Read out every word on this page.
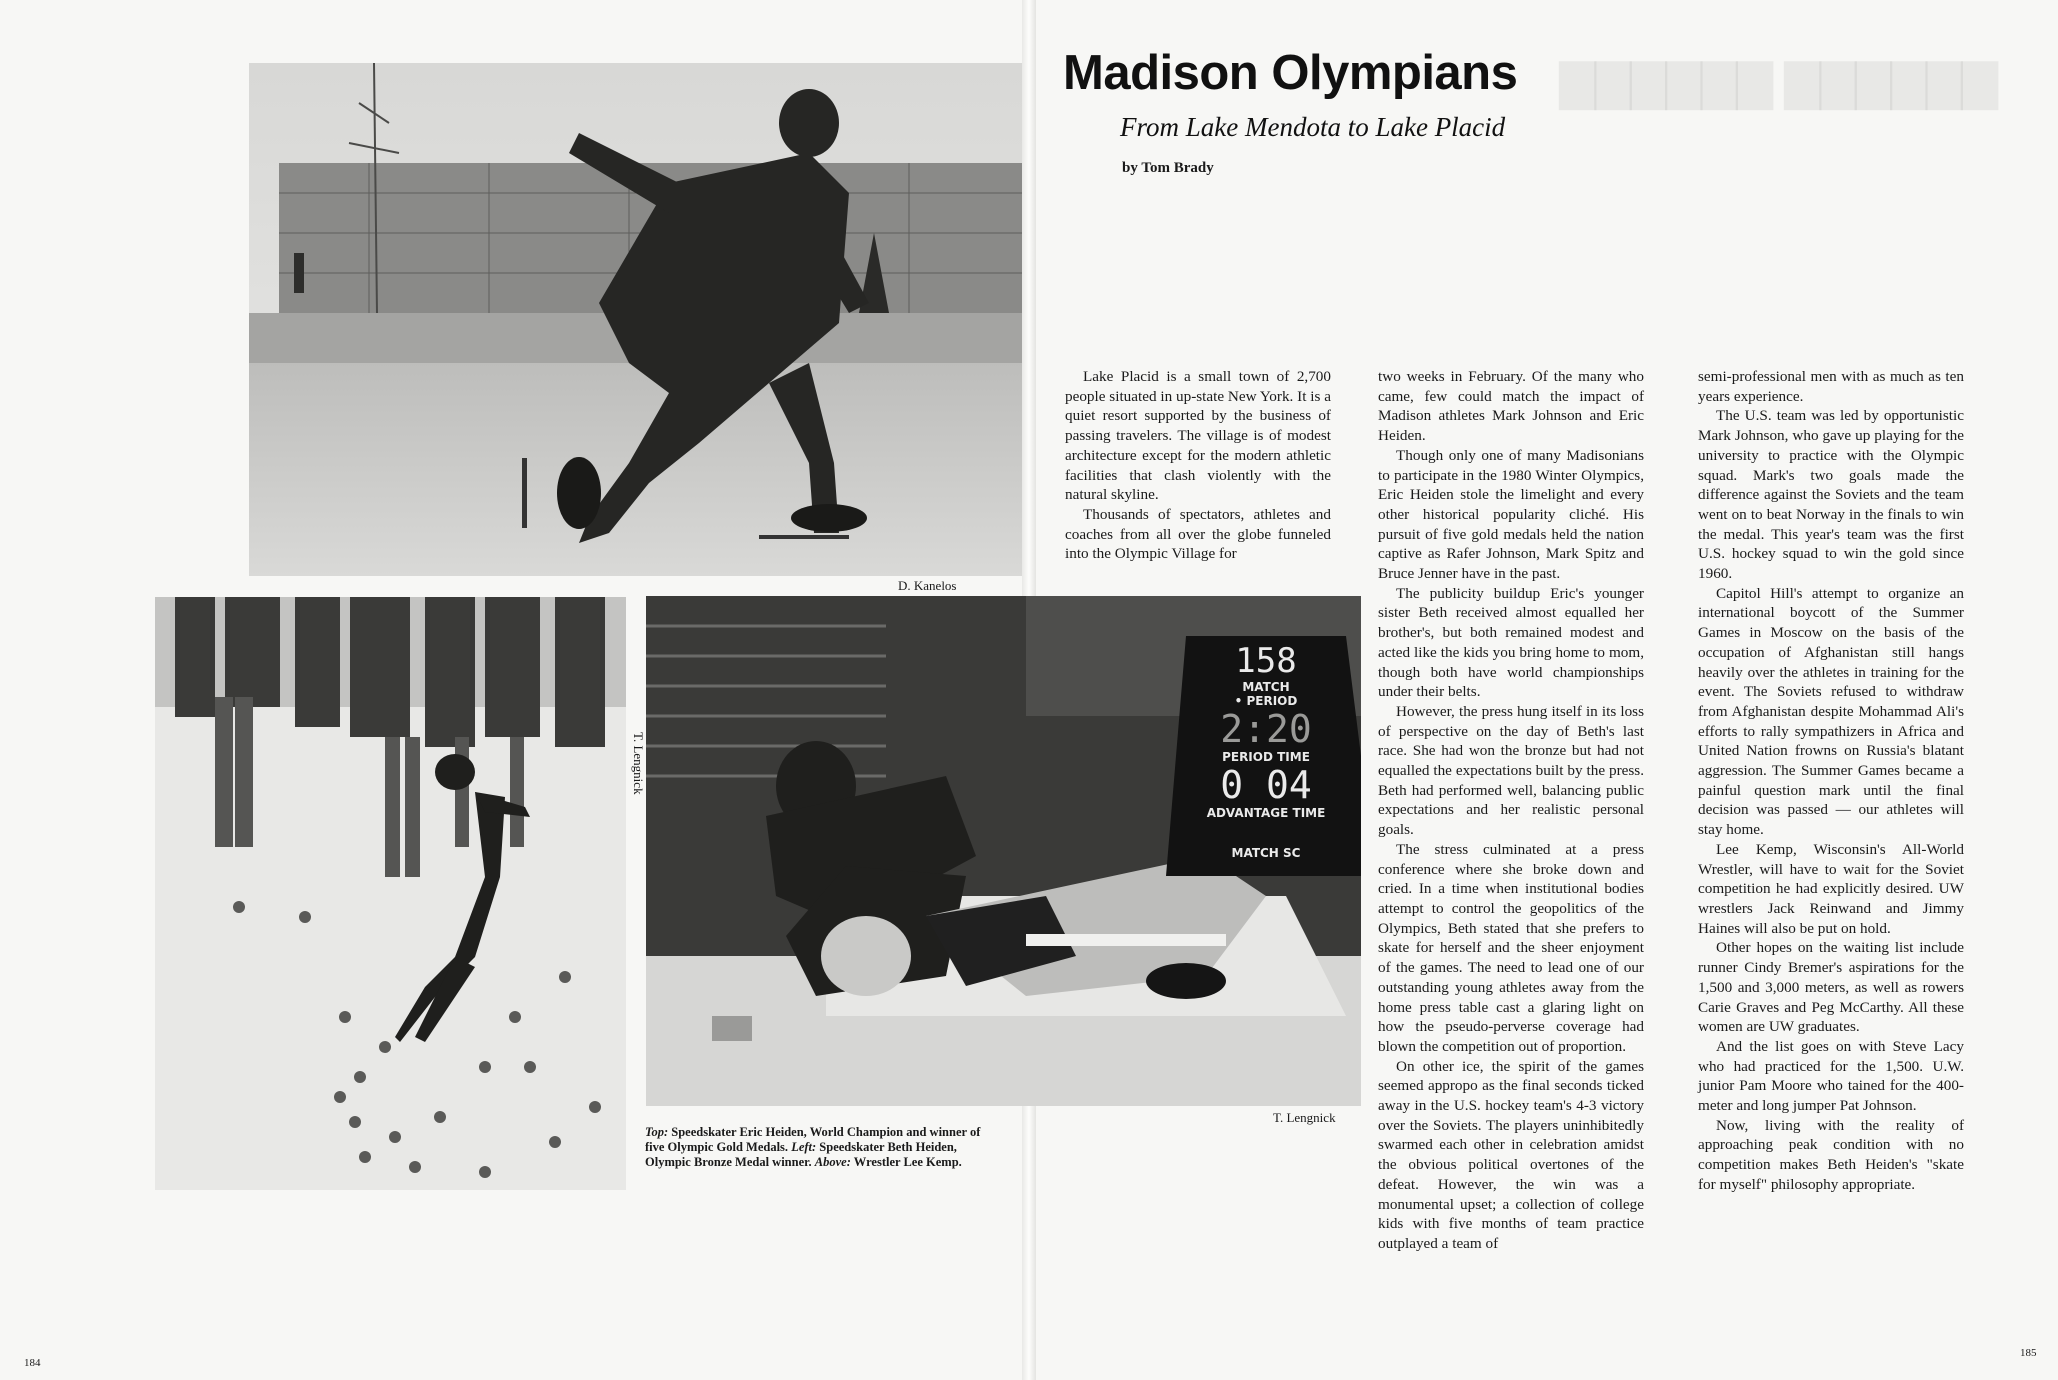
▇▇▇▇▇▇ ▇▇▇▇▇▇
D. Kanelos
T. Lengnick
158
MATCH
• PERIOD
2:20
PERIOD TIME
0 04
ADVANTAGE TIME
MATCH SC
T. Lengnick
Top: Speedskater Eric Heiden, World Champion and winner of five Olympic Gold Medals. Left: Speedskater Beth Heiden, Olympic Bronze Medal winner. Above: Wrestler Lee Kemp.
Madison Olympians
From Lake Mendota to Lake Placid
by Tom Brady

Lake Placid is a small town of 2,700 people situated in up-state New York. It is a quiet resort supported by the business of passing travelers. The village is of modest architecture except for the modern athletic facilities that clash violently with the natural skyline.

Thousands of spectators, athletes and coaches from all over the globe funneled into the Olympic Village for

two weeks in February. Of the many who came, few could match the impact of Madison athletes Mark Johnson and Eric Heiden.

Though only one of many Madisonians to participate in the 1980 Winter Olympics, Eric Heiden stole the limelight and every other historical popularity cliché. His pursuit of five gold medals held the nation captive as Rafer Johnson, Mark Spitz and Bruce Jenner have in the past.

The publicity buildup Eric's younger sister Beth received almost equalled her brother's, but both remained modest and acted like the kids you bring home to mom, though both have world championships under their belts.

However, the press hung itself in its loss of perspective on the day of Beth's last race. She had won the bronze but had not equalled the expectations built by the press. Beth had performed well, balancing public expectations and her realistic personal goals.

The stress culminated at a press conference where she broke down and cried. In a time when institutional bodies attempt to control the geopolitics of the Olympics, Beth stated that she prefers to skate for herself and the sheer enjoyment of the games. The need to lead one of our outstanding young athletes away from the home press table cast a glaring light on how the pseudo-perverse coverage had blown the competition out of proportion.

On other ice, the spirit of the games seemed appropo as the final seconds ticked away in the U.S. hockey team's 4-3 victory over the Soviets. The players uninhibitedly swarmed each other in celebration amidst the obvious political overtones of the defeat. However, the win was a monumental upset; a collection of college kids with five months of team practice outplayed a team of

semi-professional men with as much as ten years experience.

The U.S. team was led by opportunistic Mark Johnson, who gave up playing for the university to practice with the Olympic squad. Mark's two goals made the difference against the Soviets and the team went on to beat Norway in the finals to win the medal. This year's team was the first U.S. hockey squad to win the gold since 1960.

Capitol Hill's attempt to organize an international boycott of the Summer Games in Moscow on the basis of the occupation of Afghanistan still hangs heavily over the athletes in training for the event. The Soviets refused to withdraw from Afghanistan despite Mohammad Ali's efforts to rally sympathizers in Africa and United Nation frowns on Russia's blatant aggression. The Summer Games became a painful question mark until the final decision was passed — our athletes will stay home.

Lee Kemp, Wisconsin's All-World Wrestler, will have to wait for the Soviet competition he had explicitly desired. UW wrestlers Jack Reinwand and Jimmy Haines will also be put on hold.

Other hopes on the waiting list include runner Cindy Bremer's aspirations for the 1,500 and 3,000 meters, as well as rowers Carie Graves and Peg McCarthy. All these women are UW graduates.

And the list goes on with Steve Lacy who had practiced for the 1,500. U.W. junior Pam Moore who tained for the 400-meter and long jumper Pat Johnson.

Now, living with the reality of approaching peak condition with no competition makes Beth Heiden's "skate for myself" philosophy appropriate.

184
185
